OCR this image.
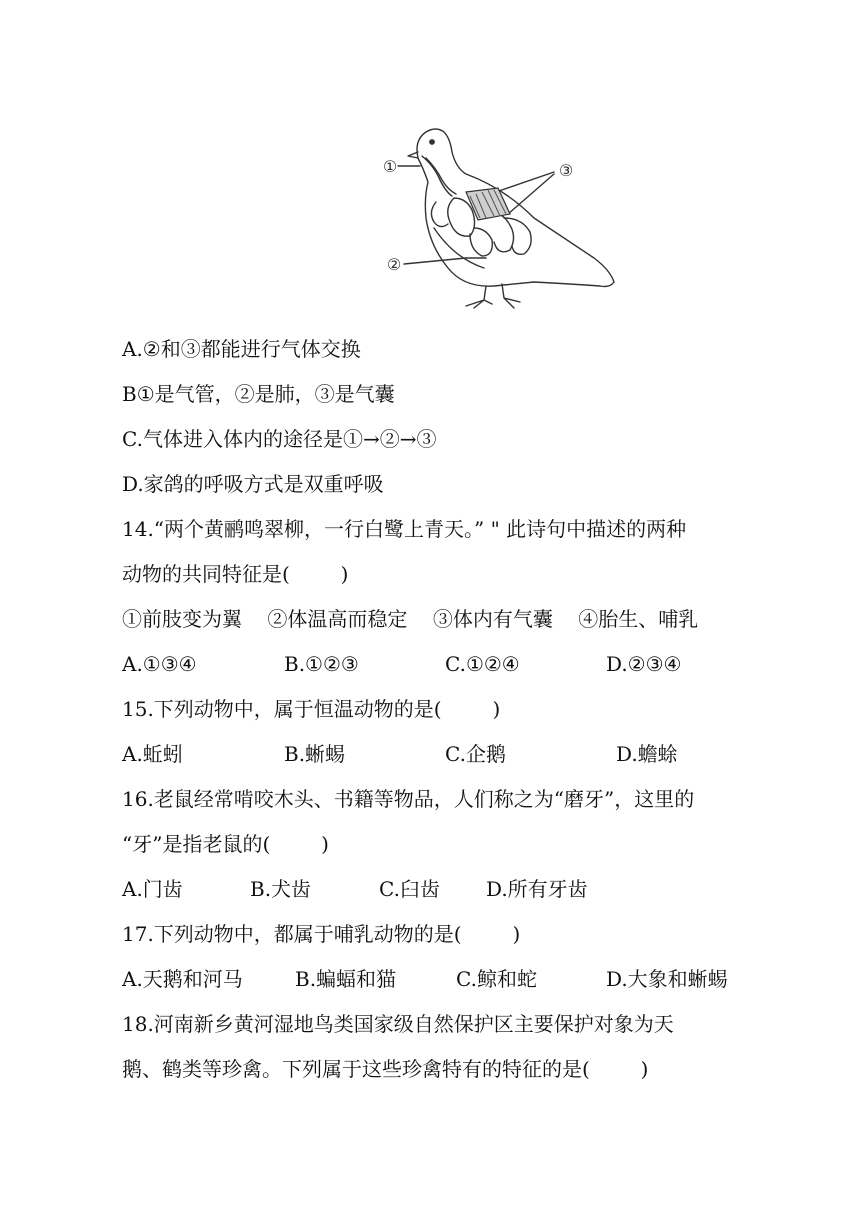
①
②
③
A.②和③都能进行气体交换
B①是气管，②是肺，③是气囊
C.气体进入体内的途径是①→②→③
D.家鸽的呼吸方式是双重呼吸
14.“两个黄鹂鸣翠柳，一行白鹭上青天。” " 此诗句中描述的两种
动物的共同特征是(        )
①前肢变为翼    ②体温高而稳定    ③体内有气囊    ④胎生、哺乳
A.①③④	B.①②③	C.①②④	D.②③④
15.下列动物中，属于恒温动物的是(        )
A.蚯蚓	B.蜥蜴	C.企鹅	D.蟾蜍
16.老鼠经常啃咬木头、书籍等物品，人们称之为“磨牙”，这里的
“牙”是指老鼠的(        )
A.门齿	B.犬齿	C.臼齿 D.所有牙齿
17.下列动物中，都属于哺乳动物的是(        )
A.天鹅和河马	B.蝙蝠和猫	C.鲸和蛇	D.大象和蜥蜴
18.河南新乡黄河湿地鸟类国家级自然保护区主要保护对象为天
鹅、鹤类等珍禽。下列属于这些珍禽特有的特征的是(        )
